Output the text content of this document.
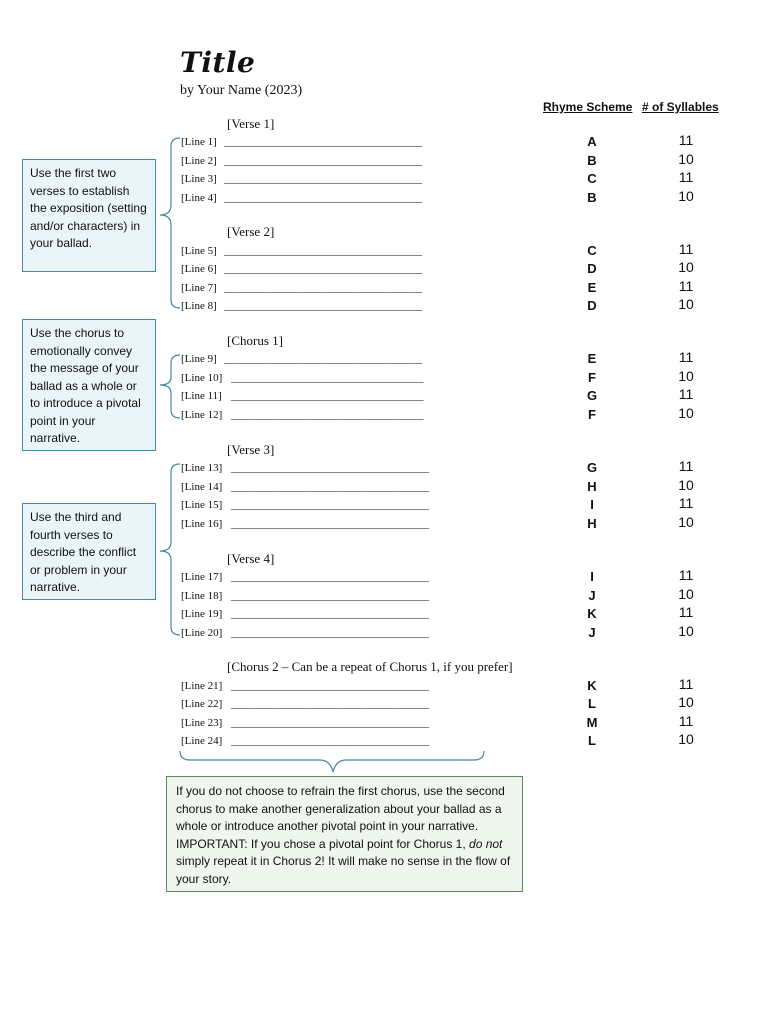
Title
by Your Name (2023)
Rhyme Scheme # of Syllables
[Verse 1]
[Verse 2]
[Chorus 1]
[Verse 3]
[Verse 4]
[Chorus 2 – Can be a repeat of Chorus 1, if you prefer]
[Line 1] ____________________________________	A	11
[Line 2] ____________________________________	B	10
[Line 3] ____________________________________	C	11
[Line 4] ____________________________________	B	10
[Line 5] ____________________________________	C	11
[Line 6] ____________________________________	D	10
[Line 7] ____________________________________	E	11
[Line 8] ____________________________________	D	10
[Line 9] ____________________________________	E	11
[Line 10] ___________________________________	F	10
[Line 11] ___________________________________	G	11
[Line 12] ___________________________________	F	10
[Line 13] ____________________________________	G	11
[Line 14] ____________________________________	H	10
[Line 15] ____________________________________	I	11
[Line 16] ____________________________________	H	10
[Line 17] ____________________________________	I	11
[Line 18] ____________________________________	J	10
[Line 19] ____________________________________	K	11
[Line 20] ____________________________________	J	10
[Line 21] ____________________________________	K	11
[Line 22] ____________________________________	L	10
[Line 23] ____________________________________	M	11
[Line 24] ____________________________________	L	10
Use the first two verses to establish the exposition (setting and/or characters) in your ballad.
Use the chorus to emotionally convey the message of your ballad as a whole or to introduce a pivotal point in your narrative.
Use the third and fourth verses to describe the conflict or problem in your narrative.
If you do not choose to refrain the first chorus, use the second chorus to make another generalization about your ballad as a whole or introduce another pivotal point in your narrative. IMPORTANT: If you chose a pivotal point for Chorus 1, do not simply repeat it in Chorus 2! It will make no sense in the flow of your story.
